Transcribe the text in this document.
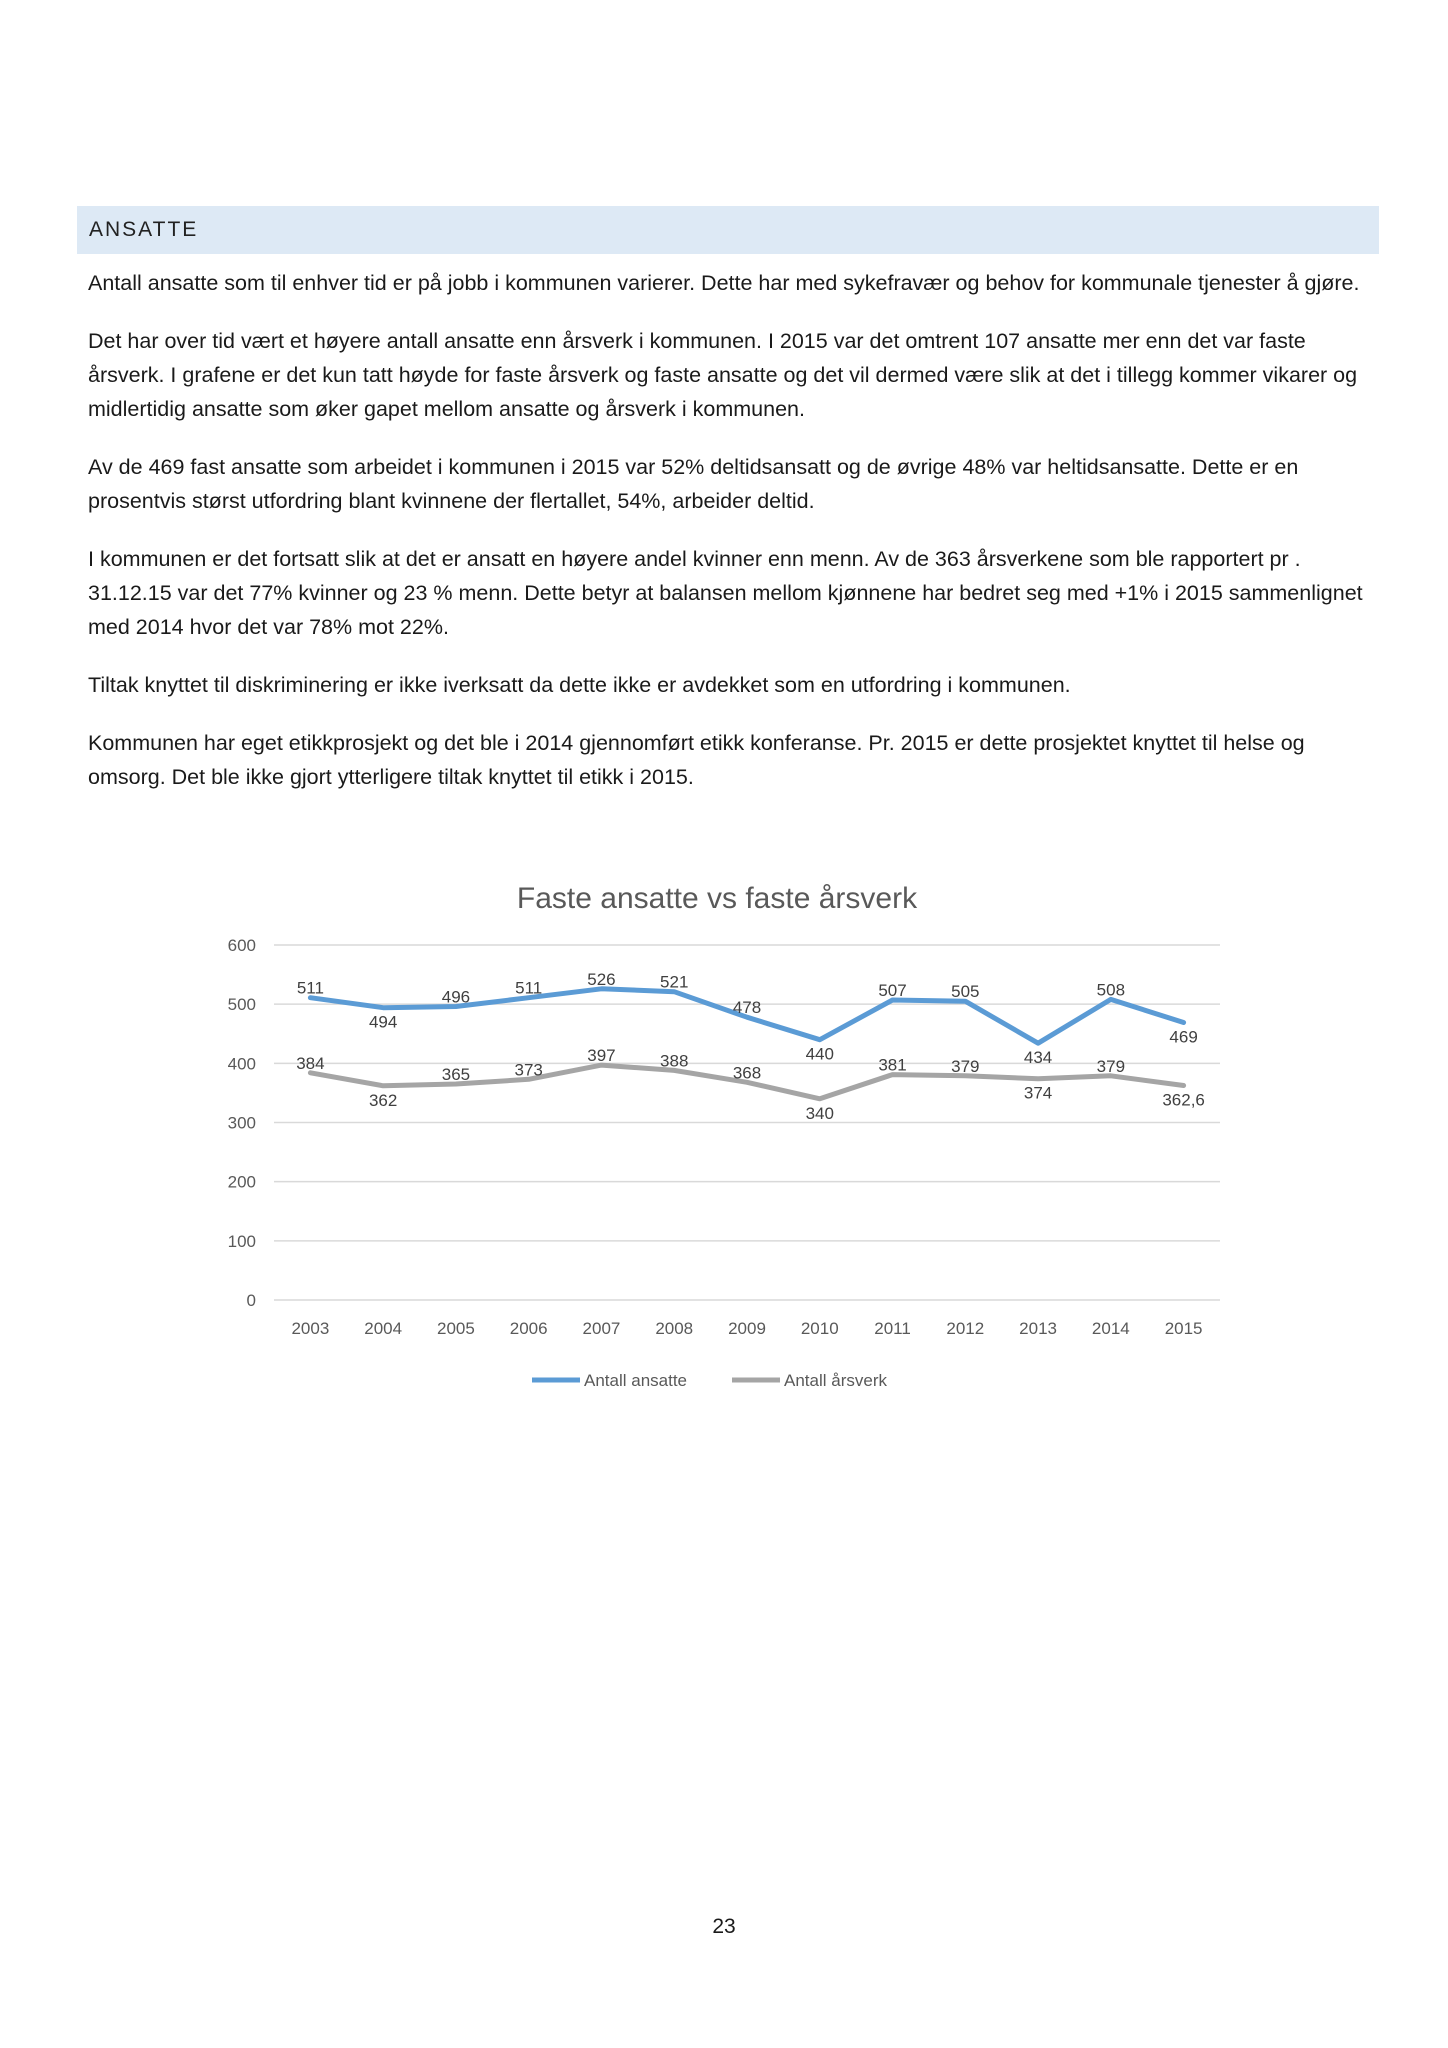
ANSATTE

Antall ansatte som til enhver tid er på jobb i kommunen varierer. Dette har med sykefravær og behov for kommunale tjenester å gjøre.

Det har over tid vært et høyere antall ansatte enn årsverk i kommunen. I 2015 var det omtrent 107 ansatte mer enn det var faste årsverk. I grafene er det kun tatt høyde for faste årsverk og faste ansatte og det vil dermed være slik at det i tillegg kommer vikarer og midlertidig ansatte som øker gapet mellom ansatte og årsverk i kommunen.

Av de 469 fast ansatte som arbeidet i kommunen i 2015 var 52% deltidsansatt og de øvrige 48% var heltidsansatte. Dette er en prosentvis størst utfordring blant kvinnene der flertallet, 54%, arbeider deltid.

I kommunen er det fortsatt slik at det er ansatt en høyere andel kvinner enn menn. Av de 363 årsverkene som ble rapportert pr . 31.12.15 var det 77% kvinner og 23 % menn. Dette betyr at balansen mellom kjønnene har bedret seg med +1% i 2015 sammenlignet med 2014 hvor det var 78% mot 22%.

Tiltak knyttet til diskriminering er ikke iverksatt da dette ikke er avdekket som en utfordring i kommunen.

Kommunen har eget etikkprosjekt og det ble i 2014 gjennomført etikk konferanse. Pr. 2015 er dette prosjektet knyttet til helse og omsorg. Det ble ikke gjort ytterligere tiltak knyttet til etikk i 2015.

Faste ansatte vs faste årsverk
0
100
200
300
400
500
600
2003 2004 2005 2006 2007 2008 2009 2010 2011 2012 2013 2014 2015
511
494
496	511	526	521
478
440
507	505
434
508
469
384
362
365	373
397	388
368
340
381	379
374
379
362,6
Antall ansatte	Antall årsverk
23
